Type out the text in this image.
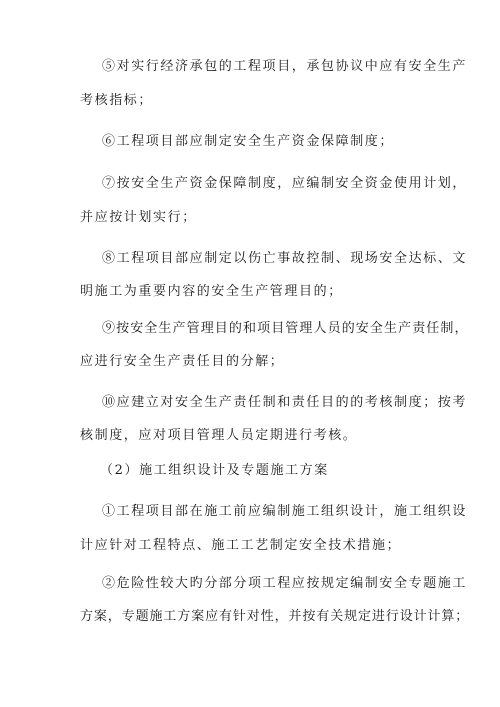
⑤对实行经济承包的工程项目，承包协议中应有安全生产
考核指标；
⑥工程项目部应制定安全生产资金保障制度；
⑦按安全生产资金保障制度，应编制安全资金使用计划，
并应按计划实行；
⑧工程项目部应制定以伤亡事故控制、现场安全达标、文
明施工为重要内容的安全生产管理目的；
⑨按安全生产管理目的和项目管理人员的安全生产责任制，
应进行安全生产责任目的分解；
⑩应建立对安全生产责任制和责任目的的考核制度；按考
核制度，应对项目管理人员定期进行考核。
（2）施工组织设计及专题施工方案
①工程项目部在施工前应编制施工组织设计，施工组织设
计应针对工程特点、施工工艺制定安全技术措施；
②危险性较大旳分部分项工程应按规定编制安全专题施工
方案，专题施工方案应有针对性，并按有关规定进行设计计算；
